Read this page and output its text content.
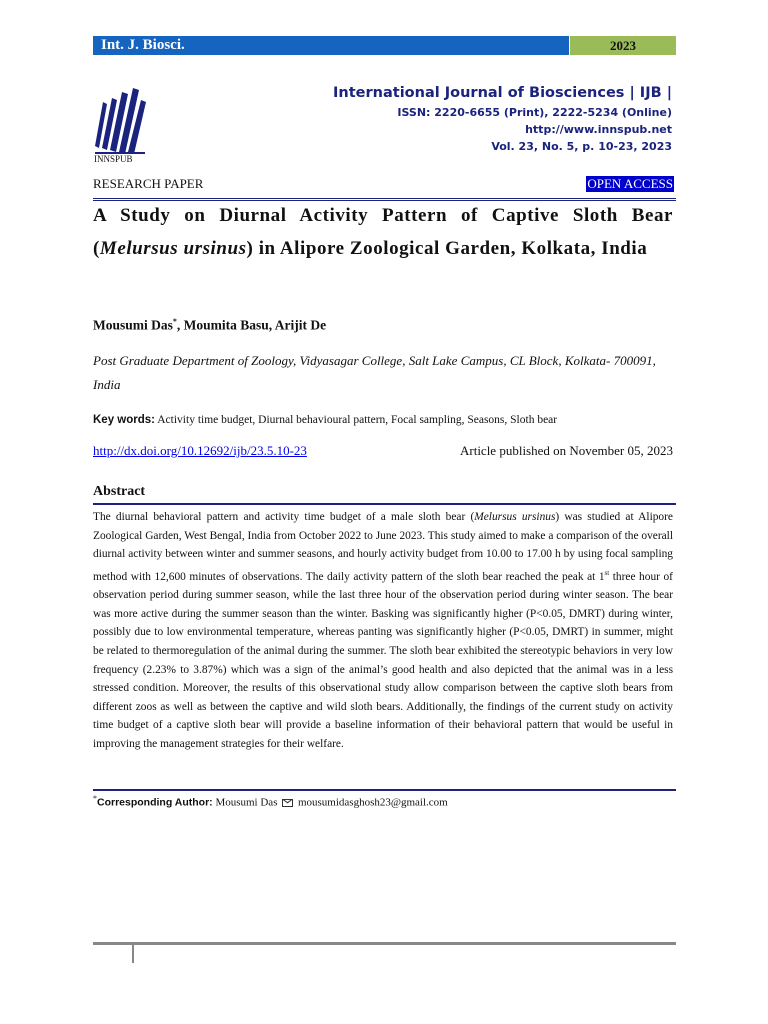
Int. J. Biosci.	2023
INNSPUB
International Journal of Biosciences | IJB |
ISSN: 2220-6655 (Print), 2222-5234 (Online)
http://www.innspub.net
Vol. 23, No. 5, p. 10-23, 2023
RESEARCH PAPER	OPEN ACCESS
A Study on Diurnal Activity Pattern of Captive Sloth Bear (Melursus ursinus) in Alipore Zoological Garden, Kolkata, India
Mousumi Das*, Moumita Basu, Arijit De
Post Graduate Department of Zoology, Vidyasagar College, Salt Lake Campus, CL Block, Kolkata- 700091, India
Key words: Activity time budget, Diurnal behavioural pattern, Focal sampling, Seasons, Sloth bear
http://dx.doi.org/10.12692/ijb/23.5.10-23	Article published on November 05, 2023
Abstract

The diurnal behavioral pattern and activity time budget of a male sloth bear (Melursus ursinus) was studied at Alipore Zoological Garden, West Bengal, India from October 2022 to June 2023. This study aimed to make a comparison of the overall diurnal activity between winter and summer seasons, and hourly activity budget from 10.00 to 17.00 h by using focal sampling method with 12,600 minutes of observations. The daily activity pattern of the sloth bear reached the peak at 1st three hour of observation period during summer season, while the last three hour of the observation period during winter season. The bear was more active during the summer season than the winter. Basking was significantly higher (P<0.05, DMRT) during winter, possibly due to low environmental temperature, whereas panting was significantly higher (P<0.05, DMRT) in summer, might be related to thermoregulation of the animal during the summer. The sloth bear exhibited the stereotypic behaviors in very low frequency (2.23% to 3.87%) which was a sign of the animal’s good health and also depicted that the animal was in a less stressed condition. Moreover, the results of this observational study allow comparison between the captive sloth bears from different zoos as well as between the captive and wild sloth bears. Additionally, the findings of the current study on activity time budget of a captive sloth bear will provide a baseline information of their behavioral pattern that would be useful in improving the management strategies for their welfare.

*Corresponding Author: Mousumi Das mousumidasghosh23@gmail.com
